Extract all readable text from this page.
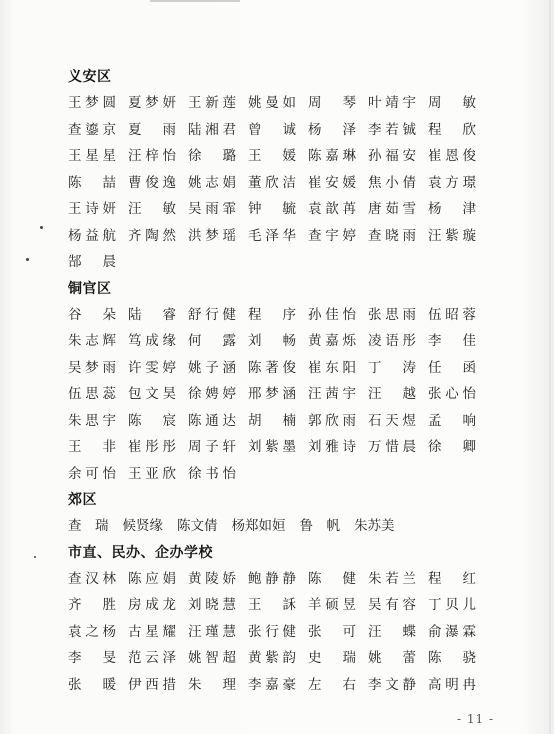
义安区
王梦圆 夏梦妍 王新莲 姚曼如 周　琴 叶靖宇 周　敏
查鎏京 夏　雨 陆湘君 曾　诚 杨　泽 李若铖 程　欣
王星星 汪梓怡 徐　璐 王　媛 陈嘉琳 孙福安 崔恩俊
陈　喆 曹俊逸 姚志娟 董欣洁 崔安媛 焦小倩 袁方璟
王诗妍 汪　敏 吴雨霏 钟　毓 袁歆苒 唐茹雪 杨　津
杨益航 齐陶然 洪梦瑶 毛泽华 查宇婷 查晓雨 汪紫璇
郜　晨
铜官区
谷　朵 陆　睿 舒行健 程　序 孙佳怡 张思雨 伍昭蓉
朱志辉 笃成缘 何　露 刘　畅 黄嘉烁 凌语彤 李　佳
吴梦雨 许雯婷 姚子涵 陈著俊 崔东阳 丁　涛 任　函
伍思蕊 包文昊 徐娉婷 邢梦涵 汪茜宇 汪　越 张心怡
朱思宇 陈　宸 陈通达 胡　楠 郭欣雨 石天煜 孟　响
王　非 崔彤彤 周子轩 刘紫墨 刘雅诗 万惜晨 徐　卿
余可怡 王亚欣 徐书怡
郊区
查　瑞 候贤缘 陈文倩 杨郑如姮 鲁　帆 朱苏美
市直、民办、企办学校
查汉林 陈应娟 黄陵娇 鲍静静 陈　健 朱若兰 程　红
齐　胜 房成龙 刘晓慧 王　訸 羊硕昱 吴有容 丁贝儿
袁之杨 古星耀 汪瑾慧 张行健 张　可 汪　蝶 俞瀑霖
李　旻 范云泽 姚智超 黄紫韵 史　瑞 姚　蕾 陈　骁
张　暖 伊西措 朱　理 李嘉豪 左　右 李文静 高明冉
- 11 -
